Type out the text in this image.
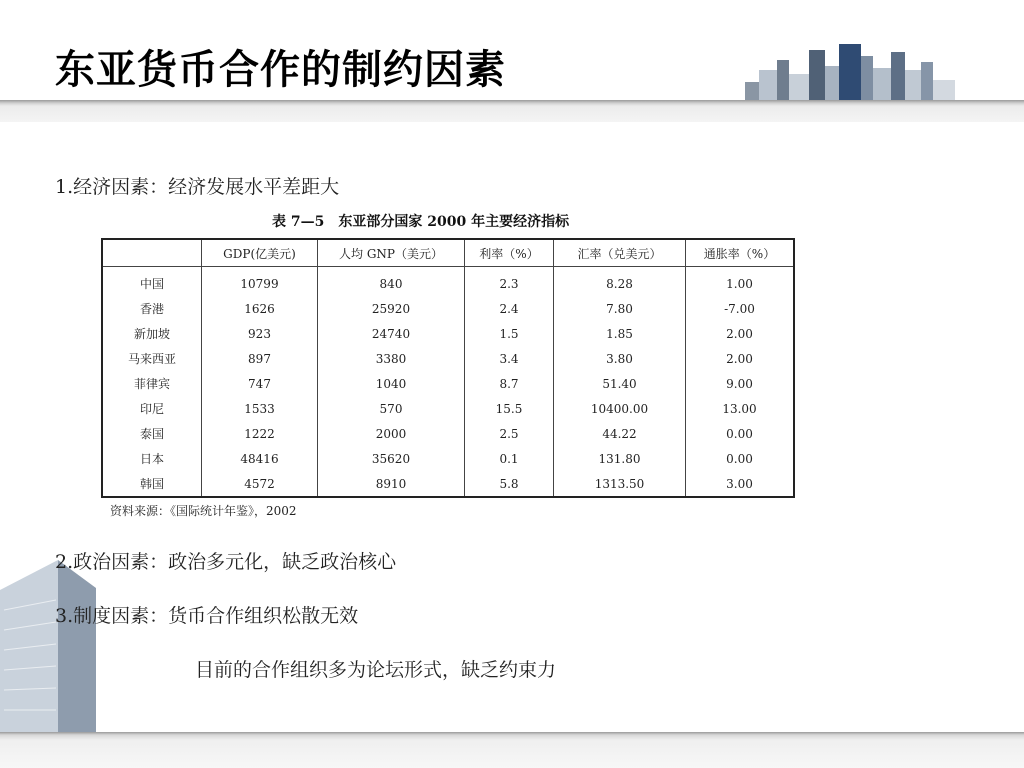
东亚货币合作的制约因素
1.经济因素：经济发展水平差距大
表 7—5　东亚部分国家 2000 年主要经济指标
	GDP(亿美元)	人均 GNP（美元）	利率（%）	汇率（兑美元）	通胀率（%）
中国	10799	840	2.3	8.28	1.00
香港	1626	25920	2.4	7.80	-7.00
新加坡	923	24740	1.5	1.85	2.00
马来西亚	897	3380	3.4	3.80	2.00
菲律宾	747	1040	8.7	51.40	9.00
印尼	1533	570	15.5	10400.00	13.00
泰国	1222	2000	2.5	44.22	0.00
日本	48416	35620	0.1	131.80	0.00
韩国	4572	8910	5.8	1313.50	3.00
资料来源：《国际统计年鉴》，2002
2.政治因素：政治多元化，缺乏政治核心
3.制度因素：货币合作组织松散无效
目前的合作组织多为论坛形式，缺乏约束力
